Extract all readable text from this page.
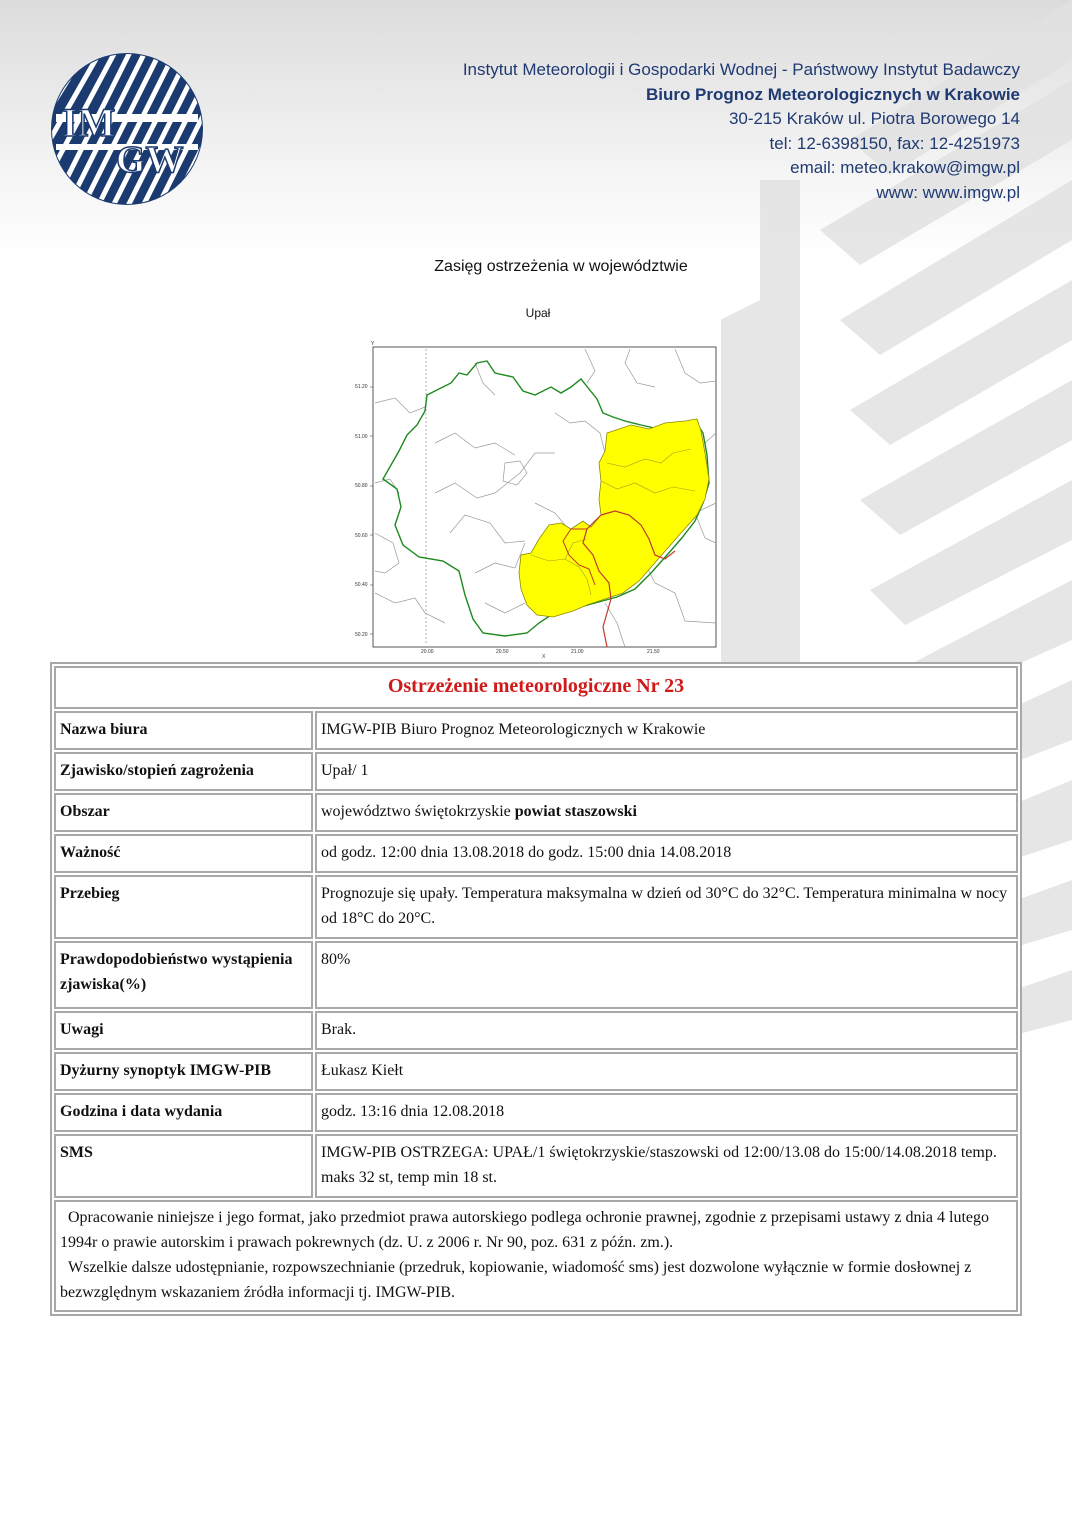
IM
GW
Instytut Meteorologii i Gospodarki Wodnej - Państwowy Instytut Badawczy
Biuro Prognoz Meteorologicznych w Krakowie
30-215 Kraków ul. Piotra Borowego 14
tel: 12-6398150, fax: 12-4251973
email: meteo.krakow@imgw.pl
www: www.imgw.pl
Zasięg ostrzeżenia w województwie
Upał
Y
X
51.20
51.00
50.80
50.60
50.40
50.20
20.00	20.50	21.00	21.50
Ostrzeżenie meteorologiczne Nr 23	
Nazwa biura	IMGW-PIB Biuro Prognoz Meteorologicznych w Krakowie
Zjawisko/stopień zagrożenia	Upał/ 1
Obszar	województwo świętokrzyskie powiat staszowski
Ważność	od godz. 12:00 dnia 13.08.2018 do godz. 15:00 dnia 14.08.2018
Przebieg	Prognozuje się upały. Temperatura maksymalna w dzień od 30°C do 32°C. Temperatura minimalna w nocy od 18°C do 20°C.
Prawdopodobieństwo wystąpienia zjawiska(%)	80%
Uwagi	Brak.
Dyżurny synoptyk IMGW-PIB	Łukasz Kiełt
Godzina i data wydania	godz. 13:16 dnia 12.08.2018
SMS	IMGW-PIB OSTRZEGA: UPAŁ/1 świętokrzyskie/staszowski od 12:00/13.08 do 15:00/14.08.2018 temp. maks 32 st, temp min 18 st.

Opracowanie niniejsze i jego format, jako przedmiot prawa autorskiego podlega ochronie prawnej, zgodnie z przepisami ustawy z dnia 4 lutego 1994r o prawie autorskim i prawach pokrewnych (dz. U. z 2006 r. Nr 90, poz. 631 z późn. zm.).

Wszelkie dalsze udostępnianie, rozpowszechnianie (przedruk, kopiowanie, wiadomość sms) jest dozwolone wyłącznie w formie dosłownej z bezwzględnym wskazaniem źródła informacji tj. IMGW-PIB.	
